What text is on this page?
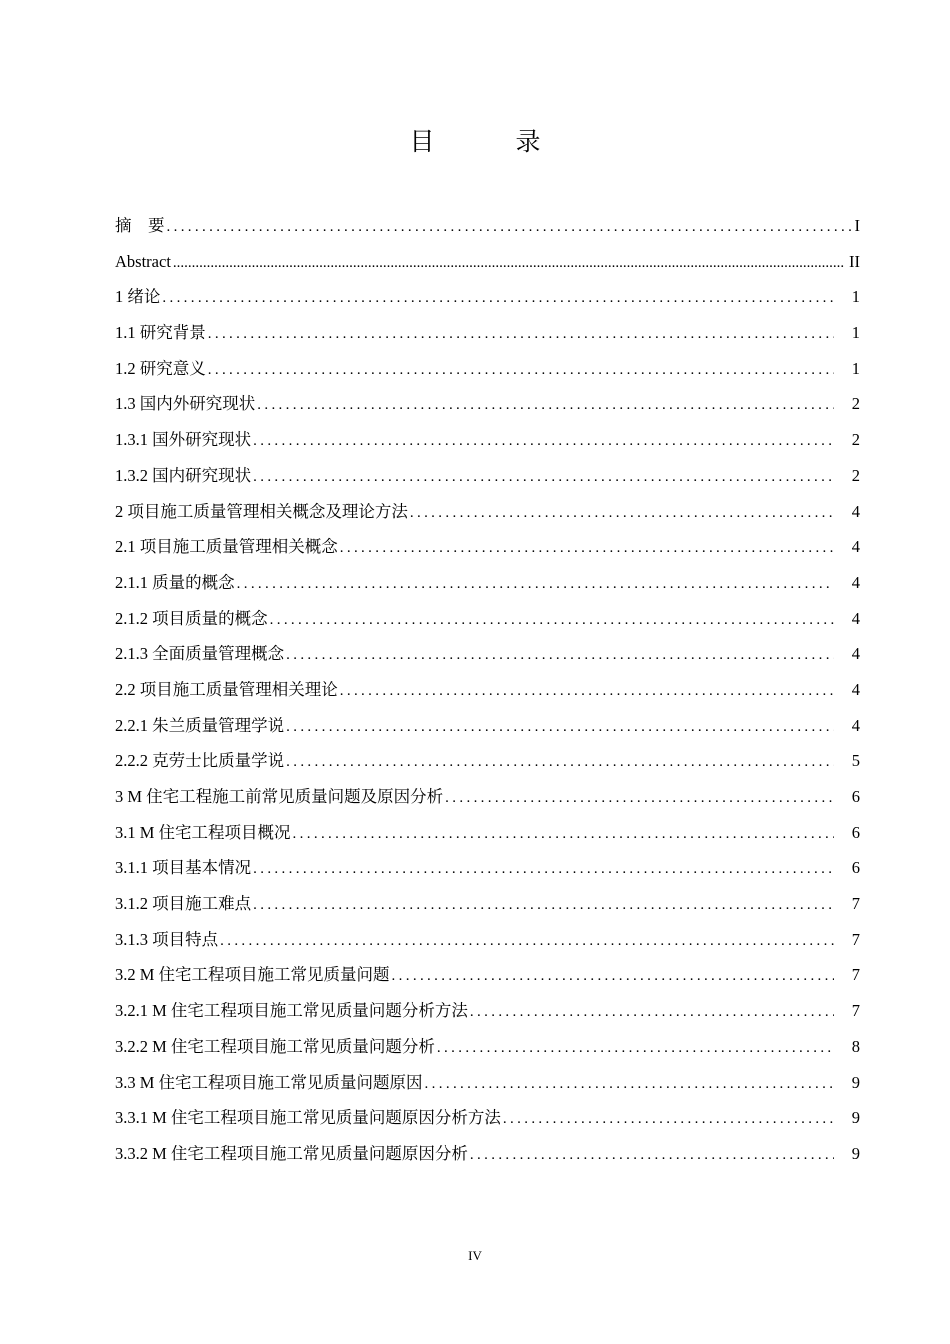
目　录
摘　要 . . .	I
Abstract .....	II
1 绪论 . . .	1
1.1 研究背景 . . .	1
1.2 研究意义 . . .	1
1.3 国内外研究现状 . . .	2
1.3.1 国外研究现状 . . .	2
1.3.2 国内研究现状 . . .	2
2 项目施工质量管理相关概念及理论方法 . . .	4
2.1 项目施工质量管理相关概念 . . .	4
2.1.1 质量的概念 . . .	4
2.1.2 项目质量的概念 . . .	4
2.1.3 全面质量管理概念 . . .	4
2.2 项目施工质量管理相关理论 . . .	4
2.2.1 朱兰质量管理学说 . . .	4
2.2.2 克劳士比质量学说 . . .	5
3 M 住宅工程施工前常见质量问题及原因分析 . . .	6
3.1 M 住宅工程项目概况 . . .	6
3.1.1 项目基本情况 . . .	6
3.1.2 项目施工难点 . . .	7
3.1.3 项目特点 . . .	7
3.2 M 住宅工程项目施工常见质量问题 . . .	7
3.2.1 M 住宅工程项目施工常见质量问题分析方法 . . .	7
3.2.2 M 住宅工程项目施工常见质量问题分析 . . .	8
3.3 M 住宅工程项目施工常见质量问题原因 . . .	9
3.3.1 M 住宅工程项目施工常见质量问题原因分析方法 . . .	9
3.3.2 M 住宅工程项目施工常见质量问题原因分析 . . .	9
IV
